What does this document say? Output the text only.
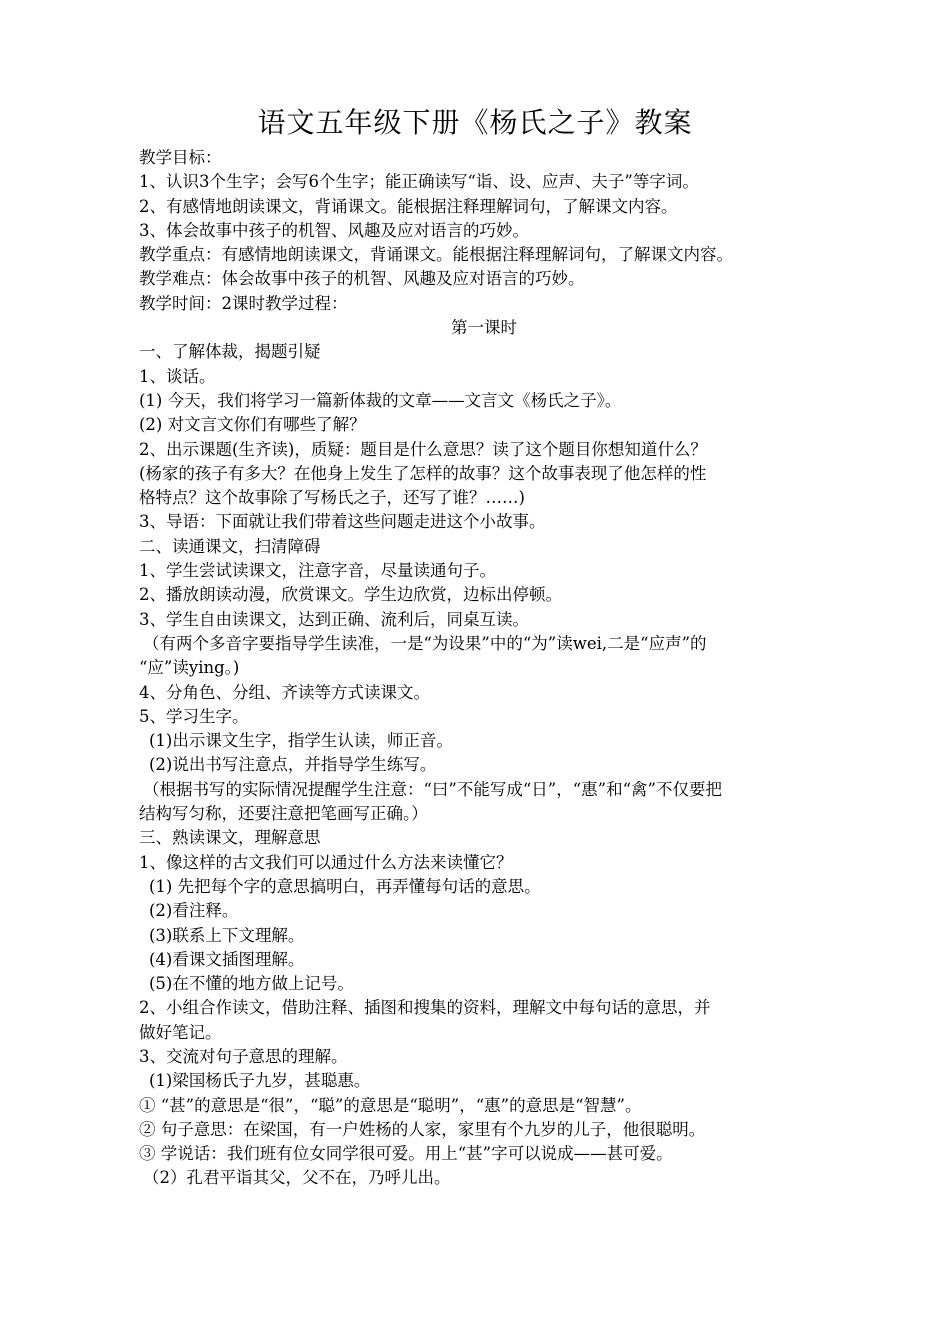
语文五年级下册《杨氏之子》教案
教学目标：
1、认识3个生字；会写6个生字；能正确读写“诣、设、应声、夫子”等字词。
2、有感情地朗读课文，背诵课文。能根据注释理解词句，了解课文内容。
3、体会故事中孩子的机智、风趣及应对语言的巧妙。
教学重点：有感情地朗读课文，背诵课文。能根据注释理解词句，了解课文内容。
教学难点：体会故事中孩子的机智、风趣及应对语言的巧妙。
教学时间：2课时教学过程：
第一课时
一、了解体裁，揭题引疑
1、谈话。
(1) 今天，我们将学习一篇新体裁的文章——文言文《杨氏之子》。
(2) 对文言文你们有哪些了解？
2、出示课题(生齐读)，质疑：题目是什么意思？读了这个题目你想知道什么？
(杨家的孩子有多大？在他身上发生了怎样的故事？这个故事表现了他怎样的性
格特点？这个故事除了写杨氏之子，还写了谁？……)
3、导语：下面就让我们带着这些问题走进这个小故事。
二、读通课文，扫清障碍
1、学生尝试读课文，注意字音，尽量读通句子。
2、播放朗读动漫，欣赏课文。学生边欣赏，边标出停顿。
3、学生自由读课文，达到正确、流利后，同桌互读。
（有两个多音字要指导学生读准，一是“为设果”中的“为”读wei,二是“应声”的
“应”读ying。)
4、分角色、分组、齐读等方式读课文。
5、学习生字。
(1)出示课文生字，指学生认读，师正音。
(2)说出书写注意点，并指导学生练写。
（根据书写的实际情况提醒学生注意：“曰”不能写成“日”，“惠”和“禽”不仅要把
结构写匀称，还要注意把笔画写正确。）
三、熟读课文，理解意思
1、像这样的古文我们可以通过什么方法来读懂它？
(1) 先把每个字的意思搞明白，再弄懂每句话的意思。
(2)看注释。
(3)联系上下文理解。
(4)看课文插图理解。
(5)在不懂的地方做上记号。
2、小组合作读文，借助注释、插图和搜集的资料，理解文中每句话的意思，并
做好笔记。
3、交流对句子意思的理解。
(1)梁国杨氏子九岁，甚聪惠。
① “甚”的意思是“很”，“聪”的意思是“聪明”，“惠”的意思是“智慧”。
② 句子意思：在梁国，有一户姓杨的人家，家里有个九岁的儿子，他很聪明。
③ 学说话：我们班有位女同学很可爱。用上“甚”字可以说成——甚可爱。
（2）孔君平诣其父，父不在，乃呼儿出。
